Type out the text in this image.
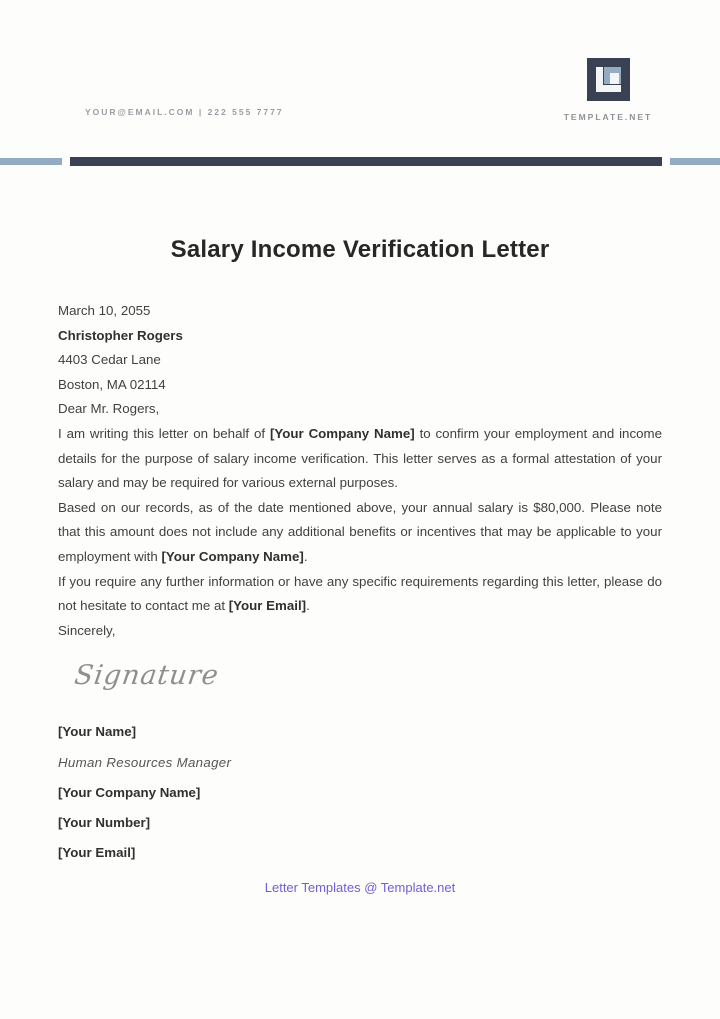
YOUR@EMAIL.COM | 222 555 7777	TEMPLATE.NET
Salary Income Verification Letter

March 10, 2055

Christopher Rogers

4403 Cedar Lane

Boston, MA 02114

Dear Mr. Rogers,

I am writing this letter on behalf of [Your Company Name] to confirm your employment and income details for the purpose of salary income verification. This letter serves as a formal attestation of your salary and may be required for various external purposes.

Based on our records, as of the date mentioned above, your annual salary is $80,000. Please note that this amount does not include any additional benefits or incentives that may be applicable to your employment with [Your Company Name].

If you require any further information or have any specific requirements regarding this letter, please do not hesitate to contact me at [Your Email].

Sincerely,

Signature

[Your Name]

Human Resources Manager

[Your Company Name]

[Your Number]

[Your Email]

Letter Templates @ Template.net
